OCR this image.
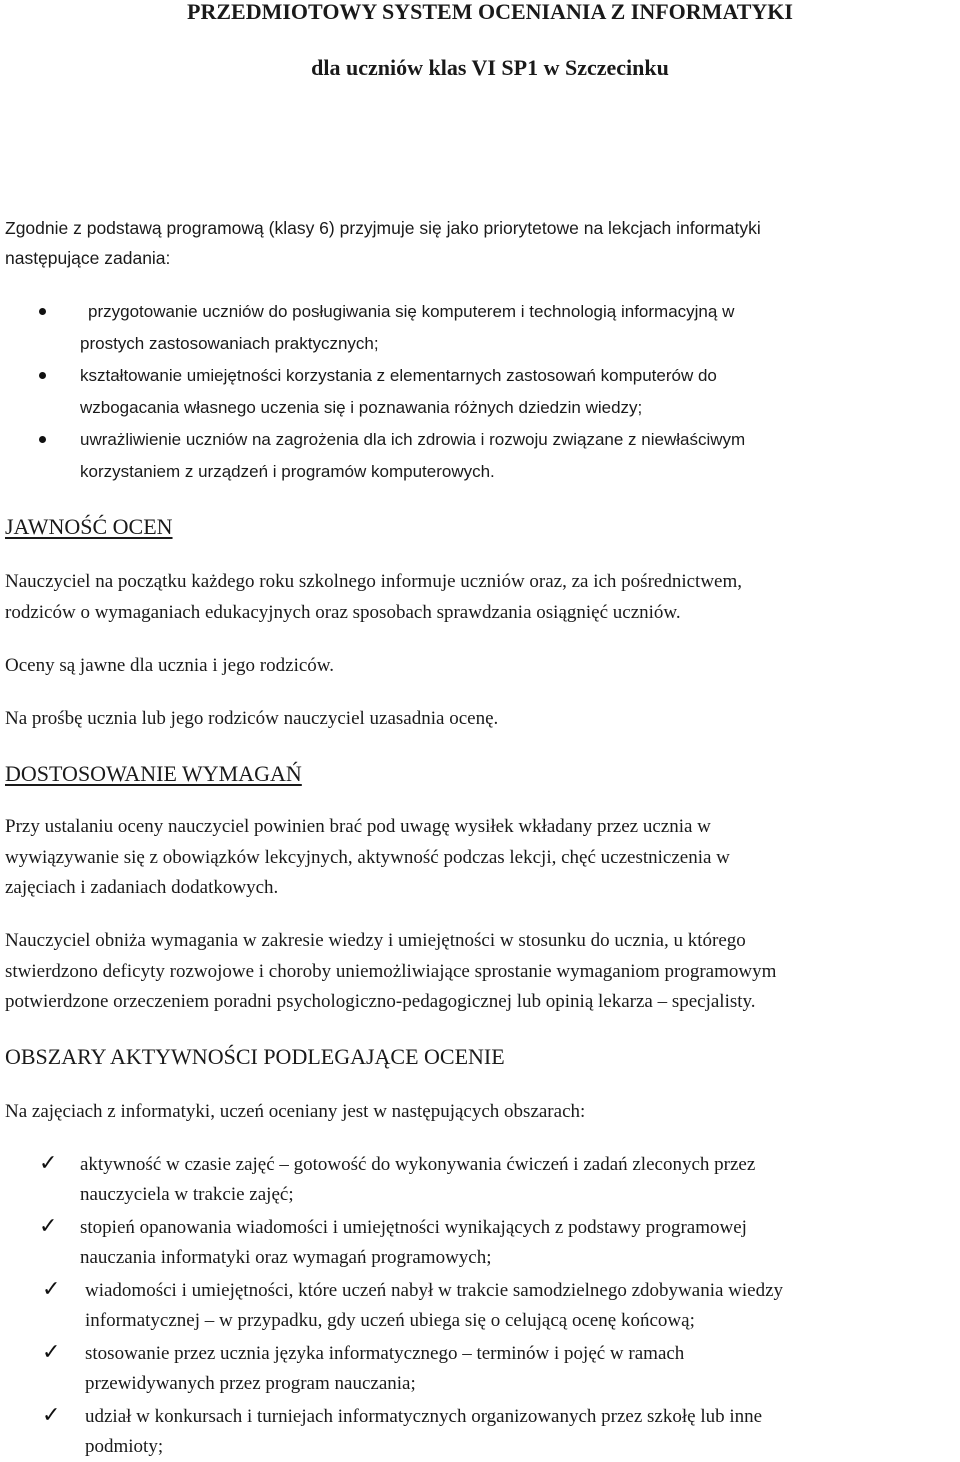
PRZEDMIOTOWY SYSTEM OCENIANIA Z INFORMATYKI
dla uczniów klas VI SP1 w Szczecinku

Zgodnie z podstawą programową (klasy 6) przyjmuje się jako priorytetowe na lekcjach informatyki
następujące zadania:

przygotowanie uczniów do posługiwania się komputerem i technologią informacyjną w
prostych zastosowaniach praktycznych;
kształtowanie umiejętności korzystania z elementarnych zastosowań komputerów do
wzbogacania własnego uczenia się i poznawania różnych dziedzin wiedzy;
uwrażliwienie uczniów na zagrożenia dla ich zdrowia i rozwoju związane z niewłaściwym
korzystaniem z urządzeń i programów komputerowych.
JAWNOŚĆ OCEN

Nauczyciel na początku każdego roku szkolnego informuje uczniów oraz, za ich pośrednictwem,
rodziców o wymaganiach edukacyjnych oraz sposobach sprawdzania osiągnięć uczniów.

Oceny są jawne dla ucznia i jego rodziców.

Na prośbę ucznia lub jego rodziców nauczyciel uzasadnia ocenę.

DOSTOSOWANIE WYMAGAŃ

Przy ustalaniu oceny nauczyciel powinien brać pod uwagę wysiłek wkładany przez ucznia w
wywiązywanie się z obowiązków lekcyjnych, aktywność podczas lekcji, chęć uczestniczenia w
zajęciach i zadaniach dodatkowych.

Nauczyciel obniża wymagania w zakresie wiedzy i umiejętności w stosunku do ucznia, u którego
stwierdzono deficyty rozwojowe i choroby uniemożliwiające sprostanie wymaganiom programowym
potwierdzone orzeczeniem poradni psychologiczno-pedagogicznej lub opinią lekarza – specjalisty.

OBSZARY AKTYWNOŚCI PODLEGAJĄCE OCENIE

Na zajęciach z informatyki, uczeń oceniany jest w następujących obszarach:

✓ aktywność w czasie zajęć – gotowość do wykonywania ćwiczeń i zadań zleconych przez
nauczyciela w trakcie zajęć;
✓ stopień opanowania wiadomości i umiejętności wynikających z podstawy programowej
nauczania informatyki oraz wymagań programowych;
✓ wiadomości i umiejętności, które uczeń nabył w trakcie samodzielnego zdobywania wiedzy
informatycznej – w przypadku, gdy uczeń ubiega się o celującą ocenę końcową;
✓ stosowanie przez ucznia języka informatycznego – terminów i pojęć w ramach
przewidywanych przez program nauczania;
✓ udział w konkursach i turniejach informatycznych organizowanych przez szkołę lub inne
podmioty;
